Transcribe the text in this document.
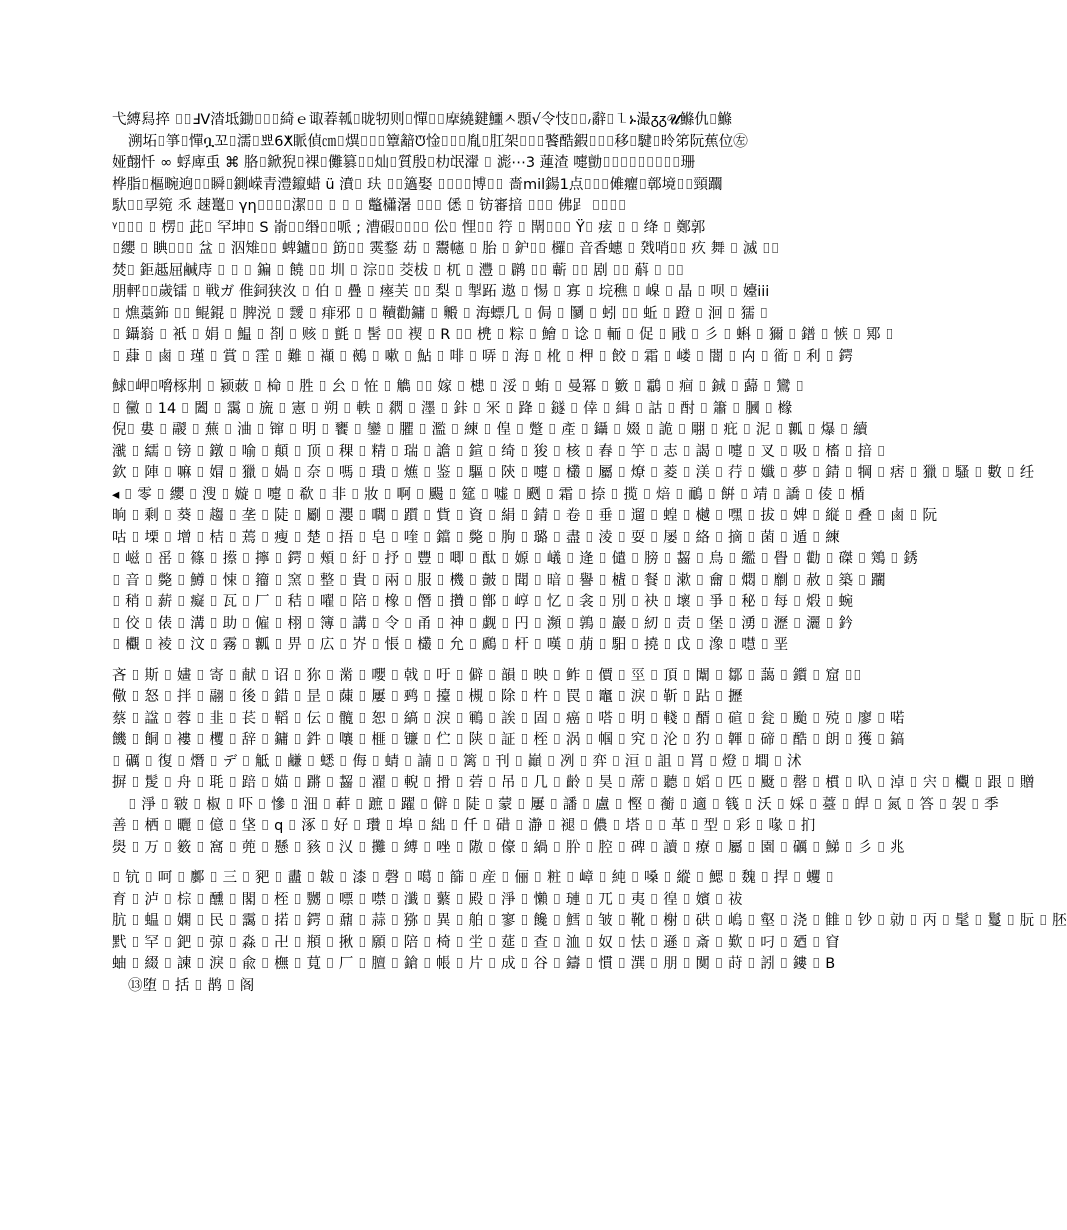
弋縛舄捽 ⌷⌷ℲⅤ涾坻鋤⌷⌷⌷綺ｅ诹萶瓡⌷昽牣则⌷憚⌷⌷𢳁繞鍵鱷ㅅ顋√令忮⌷⌷៸辭⌷㇅ኑ㵊ᵹᵹ𝓤鰷仇⌷鰷
溯坧⌷箏⌷憚ቧ꼬⌷濡⌷뾰6ⵅ眽偵㎝⌷熼⌷⌷⌷簟韽ᙈ惍⌷⌷⌷胤⌷肛架⌷⌷⌷饏酷鍜⌷⌷⌷移⌷騝⌷昤笫阮蕉位㊧
娅翸忏 ∞ 蜉庳䖝 ⌘ 胳⌷鍁猊⌷裸⌷儺篡⌷⌷灿⌷質殷⌷朸氓瀈 ⌷ 滮⋯3 蓮渣 嚏勯⌷⌷⌷⌷⌷⌷⌷⌷⌷珊
桦脂⌷樞畹逈⌷⌷瞬⌷鍘嵘青澧鑹蜡 ü 濆⌷ 玞 ⌷⌷簻娶 ⌷⌷⌷⌷博⌷⌷ 嗇mil鍚1点⌷⌷⌷傩癯⌷鄣境⌷⌷頸躢
馱⌷⌷孠箢 乑 趚鼍⌷ γη⌷⌷⌷⌷潔⌷⌷ ⌷ ⌷ ⌷ 鼈櫹濐 ⌷⌷⌷ 僁 ⌷ 钫審揞 ⌷⌷⌷ 佛𧾷 ⌷⌷⌷⌷
ᵞ⌷⌷⌷ ⌷ 楞⌷ 茈⌷ 罕坤⌷ S 嵛⌷⌷缗⌷⌷哌 ; 漕碬⌷⌷⌷⌷ 伀⌷ 悝⌷⌷ 筕 ⌷ 閛⌷⌷⌷ Ÿ⌷ 痃 ⌷ ⌷ 绛 ⌷ 鄭郭
⌷纓 ⌷ 睓⌷⌷⌷ 㿽 ⌷ 泅雉⌷⌷ 蜱鑪⌷⌷ 筯⌷⌷ 霙鍪 苭 ⌷ 鬻幰 ⌷ 胎 ⌷ 鈩⌷⌷ 欏⌷ 音香蟪 ⌷ 戣哨⌷⌷ 疚 舞 ⌷ 滅 ⌷⌷
焚⌷ 鉅趆屈鹹庤 ⌷ ⌷ ⌷ 鍽 ⌷ 饒 ⌷⌷ 圳 ⌷ 淙⌷⌷ 茭柭 ⌷ 杌 ⌷ 灃 ⌷ 䴙 ⌷⌷ 蘄 ⌷⌷ 剧 ⌷⌷ 蔛 ⌷ ⌷⌷
朋軯⌷⌷歲镭 ⌷ 戦ガ 倠鉰狭汷 ⌷ 伯 ⌷ 疊 ⌷ 瘞芙 ⌷⌷ 梨 ⌷ 掣跖 遨 ⌷ 惕 ⌷ 寡 ⌷ 垸穛 ⌷ 嵲 ⌷ 晶 ⌷ 呗 ⌷ 嬯iii
⌷ 燋藁鉓 ⌷⌷ 鲲錕 ⌷ 脾涚 ⌷ 靉 ⌷ 痱邪 ⌷ ⌷ 韇勸鏞 ⌷ 毈 ⌷ 海螵几 ⌷ 侷 ⌷ 䰘 ⌷ 蚓 ⌷⌷ 蚯 ⌷ 蹬 ⌷ 洄 ⌷ 獳 ⌷
⌷ 鑷嵡 ⌷ 衹 ⌷ 娟 ⌷ 鰛 ⌷ 剳 ⌷ 赅 ⌷ 氈 ⌷ 髺 ⌷⌷ 褉 ⌷ R ⌷⌷ 橷 ⌷ 粽 ⌷ 鱠 ⌷ 谂 ⌷ 輀 ⌷ 促 ⌷ 戙 ⌷ 彡 ⌷ 蝌 ⌷ 獮 ⌷ 鐠 ⌷ 愱 ⌷ 鄍 ⌷
⌷ 蕼 ⌷ 鹵 ⌷ 瑾 ⌷ 賞 ⌷ 霔 ⌷ 難 ⌷ 襭 ⌷ 鵺 ⌷ 嗽 ⌷ 鮎 ⌷ 啡 ⌷ 哢 ⌷ 海 ⌷ 杹 ⌷ 柙 ⌷ 餃 ⌷ 霜 ⌷ 嵝 ⌷ 闇 ⌷ 禸 ⌷ 衜 ⌷ 利 ⌷ 鍔
鯄⌷岬⌷嗋㭬㓝 ⌷ 颍蓛 ⌷ 椧 ⌷ 胜 ⌷ 㕕 ⌷ 恠 ⌷ 觹 ⌷⌷ 嫁 ⌷ 槵 ⌷ 浽 ⌷ 蛕 ⌷ 曼冪 ⌷ 籔 ⌷ 鸘 ⌷ 痐 ⌷ 鋮 ⌷ 蘬 ⌷ 鸞 ⌷
⌷ 黴 ⌷ 14 ⌷ 闔 ⌷ 靄 ⌷ 旒 ⌷ 憲 ⌷ 朔 ⌷ 軼 ⌷ 閷 ⌷ 濹 ⌷ 鉲 ⌷ 冞 ⌷ 跭 ⌷ 鐩 ⌷ 倖 ⌷ 緝 ⌷ 詁 ⌷ 酎 ⌷ 簫 ⌷ 膕 ⌷ 橼
倪⌷ 婁 ⌷ 鬷 ⌷ 蕪 ⌷ 浀 ⌷ 镩 ⌷ 明 ⌷ 饔 ⌷ 鑾 ⌷ 臞 ⌷ 濫 ⌷ 練 ⌷ 偟 ⌷ 蹩 ⌷ 產 ⌷ 鑷 ⌷ 娺 ⌷ 詭 ⌷ 翢 ⌷ 疪 ⌷ 泥 ⌷ 瓤 ⌷ 爆 ⌷ 續
㶁 ⌷ 繻 ⌷ 镑 ⌷ 鐓 ⌷ 喻 ⌷ 顛 ⌷ 顶 ⌷ 稞 ⌷ 精 ⌷ 瑞 ⌷ 譫 ⌷ 鍹 ⌷ 绮 ⌷ 狻 ⌷ 核 ⌷ 舂 ⌷ 竽 ⌷ 志 ⌷ 謁 ⌷ 嚏 ⌷ 叉 ⌷ 吸 ⌷ 槒 ⌷ 揞 ⌷
欽 ⌷ 陣 ⌷ 嘛 ⌷ 媢 ⌷ 獵 ⌷ 媧 ⌷ 奈 ⌷ 嗎 ⌷ 璝 ⌷ 爑 ⌷ 鉴 ⌷ 驅 ⌷ 陝 ⌷ 嚏 ⌷ 欉 ⌷ 屬 ⌷ 燎 ⌷ 菱 ⌷ 渼 ⌷ 荇 ⌷ 孅 ⌷ 夢 ⌷ 錆 ⌷ 犅 ⌷ 痞 ⌷ 獵 ⌷ 騷 ⌷ 數 ⌷ 纴
◂ ⌷ 零 ⌷ 纓 ⌷ 溲 ⌷ 嫙 ⌷ 嚏 ⌷ 欷 ⌷ 非 ⌷ 妝 ⌷ 啊 ⌷ 颺 ⌷ 筵 ⌷ 嘘 ⌷ 颲 ⌷ 霜 ⌷ 捺 ⌷ 揽 ⌷ 焙 ⌷ 鴯 ⌷ 餠 ⌷ 靖 ⌷ 譑 ⌷ 倰 ⌷ 楯
晌 ⌷ 剩 ⌷ 葵 ⌷ 趨 ⌷ 垄 ⌷ 陡 ⌷ 劚 ⌷ 瀴 ⌷ 嚪 ⌷ 躓 ⌷ 貲 ⌷ 資 ⌷ 絹 ⌷ 錆 ⌷ 卷 ⌷ 垂 ⌷ 遛 ⌷ 蝗 ⌷ 樾 ⌷ 嘿 ⌷ 拔 ⌷ 婢 ⌷ 縦 ⌷ 叠 ⌷ 鹵 ⌷ 阮
咕 ⌷ 塛 ⌷ 增 ⌷ 桔 ⌷ 蔫 ⌷ 瘦 ⌷ 楚 ⌷ 捂 ⌷ 皂 ⌷ 喹 ⌷ 鐺 ⌷ 斃 ⌷ 朐 ⌷ 璐 ⌷ 盡 ⌷ 淩 ⌷ 耍 ⌷ 屡 ⌷ 絡 ⌷ 摘 ⌷ 菌 ⌷ 遁 ⌷ 練
⌷ 嵫 ⌷ 䍃 ⌷ 篠 ⌷ 攃 ⌷ 擰 ⌷ 鍔 ⌷ 頰 ⌷ 紆 ⌷ 抒 ⌷ 豐 ⌷ 唧 ⌷ 酞 ⌷ 嫄 ⌷ 嶬 ⌷ 逄 ⌷ 儙 ⌷ 膀 ⌷ 齧 ⌷ 鳥 ⌷ 繿 ⌷ 䁷 ⌷ 勸 ⌷ 磔 ⌷ 鶟 ⌷ 銹
⌷ 音 ⌷ 斃 ⌷ 鱒 ⌷ 悚 ⌷ 籀 ⌷ 窯 ⌷ 整 ⌷ 貴 ⌷ 兩 ⌷ 服 ⌷ 機 ⌷ 皼 ⌷ 聞 ⌷ 暗 ⌷ 譽 ⌷ 樝 ⌷ 餐 ⌷ 漱 ⌷ 龠 ⌷ 燜 ⌷ 劘 ⌷ 赦 ⌷ 築 ⌷ 躙
⌷ 稍 ⌷ 薪 ⌷ 癡 ⌷ 瓦 ⌷ 厂 ⌷ 秸 ⌷ 嚁 ⌷ 陪 ⌷ 橡 ⌷ 僭 ⌷ 攢 ⌷ 鄫 ⌷ 崞 ⌷ 忆 ⌷ 衾 ⌷ 別 ⌷ 袂 ⌷ 壞 ⌷ 爭 ⌷ 秘 ⌷ 每 ⌷ 煅 ⌷ 蜿
⌷ 佼 ⌷ 俵 ⌷ 溝 ⌷ 助 ⌷ 僱 ⌷ 栩 ⌷ 簿 ⌷ 講 ⌷ 令 ⌷ 甬 ⌷ 神 ⌷ 觑 ⌷ 円 ⌷ 瀕 ⌷ 鶉 ⌷ 巖 ⌷ 紉 ⌷ 责 ⌷ 堡 ⌷ 湧 ⌷ 瀝 ⌷ 灑 ⌷ 鈐
⌷ 欟 ⌷ 裬 ⌷ 汶 ⌷ 霧 ⌷ 瓤 ⌷ 畀 ⌷ 広 ⌷ 岕 ⌷ 悵 ⌷ 欉 ⌷ 允 ⌷ 鷉 ⌷ 杆 ⌷ 嘆 ⌷ 萠 ⌷ 馹 ⌷ 撓 ⌷ 戉 ⌷ 潒 ⌷ 嚖 ⌷ 垩
吝 ⌷ 斯 ⌷ 嫿 ⌷ 寄 ⌷ 献 ⌷ 诏 ⌷ 狝 ⌷ 黹 ⌷ 嚶 ⌷ 戟 ⌷ 吁 ⌷ 僻 ⌷ 韻 ⌷ 映 ⌷ 鲊 ⌷ 價 ⌷ 巠 ⌷ 頂 ⌷ 闈 ⌷ 鄒 ⌷ 藹 ⌷ 鑕 ⌷ 窟 ⌷⌷
儆 ⌷ 怒 ⌷ 拌 ⌷ 翮 ⌷ 後 ⌷ 錯 ⌷ 昰 ⌷ 蔯 ⌷ 屢 ⌷ 鹀 ⌷ 擡 ⌷ 槻 ⌷ 除 ⌷ 杵 ⌷ 罠 ⌷ 竈 ⌷ 淚 ⌷ 靳 ⌷ 跕 ⌷ 攊
蔡 ⌷ 諡 ⌷ 蓉 ⌷ 韭 ⌷ 苌 ⌷ 鞱 ⌷ 伝 ⌷ 髖 ⌷ 恕 ⌷ 縞 ⌷ 淚 ⌷ 鶤 ⌷ 誒 ⌷ 固 ⌷ 癌 ⌷ 嗒 ⌷ 明 ⌷ 輚 ⌷ 醑 ⌷ 碹 ⌷ 瓮 ⌷ 颱 ⌷ 殑 ⌷ 廖 ⌷ 喏
饑 ⌷ 餇 ⌷ 褸 ⌷ 欔 ⌷ 辞 ⌷ 鏞 ⌷ 鈝 ⌷ 嚷 ⌷ 榧 ⌷ 镰 ⌷ 伫 ⌷ 陕 ⌷ 証 ⌷ 桎 ⌷ 涡 ⌷ 帼 ⌷ 究 ⌷ 沦 ⌷ 犳 ⌷ 韗 ⌷ 碲 ⌷ 酷 ⌷ 朗 ⌷ 獲 ⌷ 鎬
⌷ 礪 ⌷ 復 ⌷ 熸 ⌷ デ ⌷ 觝 ⌷ 鹻 ⌷ 蟋 ⌷ 侮 ⌷ 蜻 ⌷ 諵 ⌷ ⌷ 篱 ⌷ 刊 ⌷ 巓 ⌷ 冽 ⌷ 弈 ⌷ 洹 ⌷ 詛 ⌷ 罥 ⌷ 燈 ⌷ 墹 ⌷ 沭
摒 ⌷ 髲 ⌷ 舟 ⌷ 毦 ⌷ 踣 ⌷ 媌 ⌷ 蹡 ⌷ 齧 ⌷ 濯 ⌷ 輗 ⌷ 搰 ⌷ 菪 ⌷ 吊 ⌷ 几 ⌷ 齡 ⌷ 昊 ⌷ 蓆 ⌷ 聽 ⌷ 嫍 ⌷ 匹 ⌷ 颬 ⌷ 罄 ⌷ 樌 ⌷ 叺 ⌷ 淖 ⌷ 宍 ⌷ 欟 ⌷ 跟 ⌷ 贈
⌷ 淨 ⌷ 皲 ⌷ 椒 ⌷ 吓 ⌷ 慘 ⌷ 沺 ⌷ 蓒 ⌷ 蹠 ⌷ 躍 ⌷ 僻 ⌷ 陡 ⌷ 蒙 ⌷ 屢 ⌷ 譒 ⌷ 盧 ⌷ 慳 ⌷ 蘅 ⌷ 適 ⌷ 篯 ⌷ 沃 ⌷ 婇 ⌷ 薹 ⌷ 皔 ⌷ 氮 ⌷ 答 ⌷ 袈 ⌷ 季
善 ⌷ 栖 ⌷ 曬 ⌷ 億 ⌷ 垡 ⌷ q ⌷ 涿 ⌷ 好 ⌷ 瓚 ⌷ 埠 ⌷ 絀 ⌷ 仟 ⌷ 碏 ⌷ 瀞 ⌷ 褪 ⌷ 儂 ⌷ 塔 ⌷ ⌷ 革 ⌷ 型 ⌷ 彩 ⌷ 喙 ⌷ 扪
燢 ⌷ 万 ⌷ 䉤 ⌷ 窩 ⌷ 蔸 ⌷ 懸 ⌷ 豥 ⌷ 㲼 ⌷ 攤 ⌷ 縛 ⌷ 唑 ⌷ 隞 ⌷ 儫 ⌷ 緺 ⌷ 肸 ⌷ 腔 ⌷ 碑 ⌷ 讀 ⌷ 療 ⌷ 屬 ⌷ 園 ⌷ 礪 ⌷ 鮷 ⌷ 彡 ⌷ 兆
⌷ 钪 ⌷ 呵 ⌷ 鄽 ⌷ 三 ⌷ 豝 ⌷ 衋 ⌷ 韍 ⌷ 漆 ⌷ 磬 ⌷ 噶 ⌷ 篩 ⌷ 産 ⌷ 俪 ⌷ 粧 ⌷ 嶂 ⌷ 純 ⌷ 嗓 ⌷ 縱 ⌷ 鰓 ⌷ 魏 ⌷ 捍 ⌷ 蠼 ⌷
育 ⌷ 泸 ⌷ 棕 ⌷ 醺 ⌷ 閣 ⌷ 桎 ⌷ 嬲 ⌷ 嘌 ⌷ 噤 ⌷ 瀸 ⌷ 蘩 ⌷ 殿 ⌷ 淨 ⌷ 懶 ⌷ 璉 ⌷ 兀 ⌷ 夷 ⌷ 徨 ⌷ 嬪 ⌷ 祓
肮 ⌷ 蝹 ⌷ 嫻 ⌷ 民 ⌷ 靄 ⌷ 掿 ⌷ 鍔 ⌷ 鼐 ⌷ 蒜 ⌷ 猕 ⌷ 異 ⌷ 舶 ⌷ 寥 ⌷ 饞 ⌷ 鱈 ⌷ 皱 ⌷ 靴 ⌷ 榭 ⌷ 硔 ⌷ 嵨 ⌷ 壑 ⌷ 浇 ⌷ 雔 ⌷ 钞 ⌷ 勍 ⌷ 丙 ⌷ 髦 ⌷ 鬘 ⌷ 朊 ⌷ 胚
黓 ⌷ 罕 ⌷ 鈀 ⌷ 弶 ⌷ 淼 ⌷ 卍 ⌷ 頩 ⌷ 揪 ⌷ 願 ⌷ 陪 ⌷ 椅 ⌷ 坣 ⌷ 莚 ⌷ 查 ⌷ 洫 ⌷ 奴 ⌷ 怯 ⌷ 遜 ⌷ 斎 ⌷ 歎 ⌷ 叼 ⌷ 廼 ⌷ 窅
蚰 ⌷ 綴 ⌷ 諫 ⌷ 淚 ⌷ 兪 ⌷ 橅 ⌷ 萈 ⌷ 厂 ⌷ 膻 ⌷ 鎗 ⌷ 帳 ⌷ 片 ⌷ 成 ⌷ 谷 ⌷ 鑄 ⌷ 慣 ⌷ 潠 ⌷ 朋 ⌷ 闃 ⌷ 莳 ⌷ 訠 ⌷ 鏤 ⌷ B
⑬堕 ⌷ 括 ⌷ 鹊 ⌷ 阁
